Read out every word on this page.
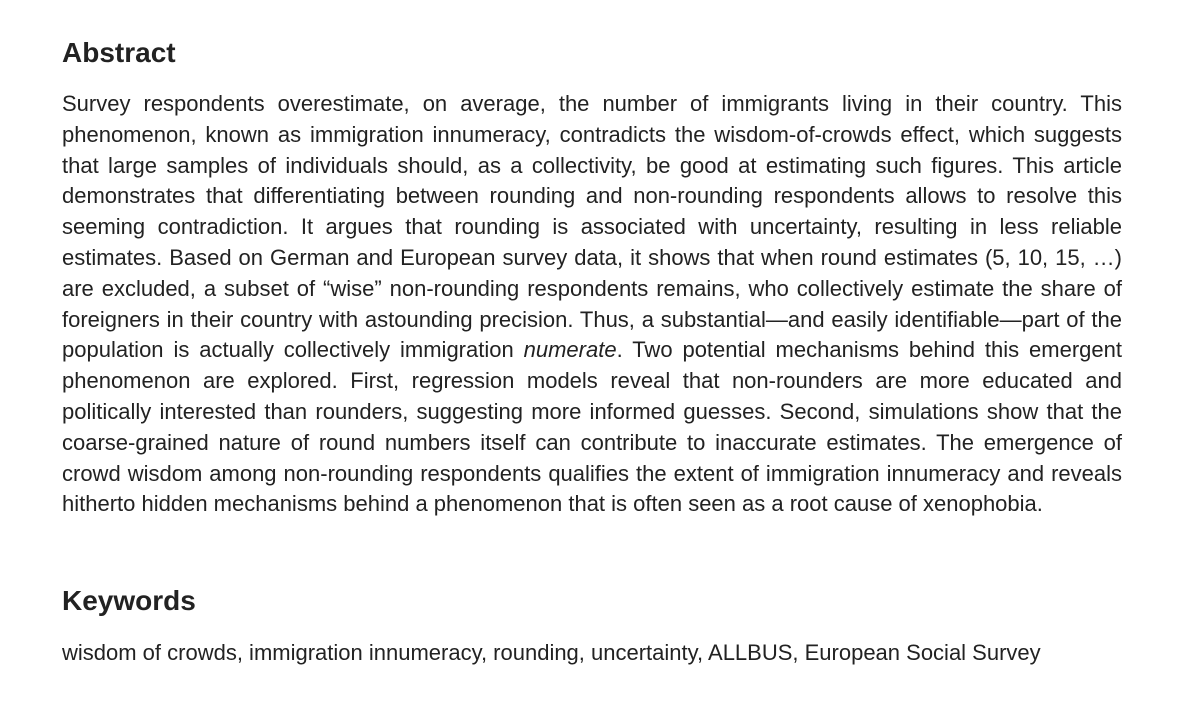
Abstract

Survey respondents overestimate, on average, the number of immigrants living in their country. This phenomenon, known as immigration innumeracy, contradicts the wisdom-of-crowds effect, which suggests that large samples of individuals should, as a collectivity, be good at estimating such figures. This article demonstrates that differentiating between rounding and non-rounding respondents allows to resolve this seeming contradiction. It argues that rounding is associated with uncertainty, resulting in less reliable estimates. Based on German and European survey data, it shows that when round estimates (5, 10, 15, …) are excluded, a subset of “wise” non-rounding respondents remains, who collectively estimate the share of foreigners in their country with astounding precision. Thus, a substantial—and easily identifiable—part of the population is actually collectively immigration numerate. Two potential mechanisms behind this emergent phenomenon are explored. First, regression models reveal that non-rounders are more educated and politically interested than rounders, suggesting more informed guesses. Second, simulations show that the coarse-grained nature of round numbers itself can contribute to inaccurate estimates. The emergence of crowd wisdom among non-rounding respondents qualifies the extent of immigration innumeracy and reveals hitherto hidden mechanisms behind a phenomenon that is often seen as a root cause of xenophobia.

Keywords

wisdom of crowds, immigration innumeracy, rounding, uncertainty, ALLBUS, European Social Survey
